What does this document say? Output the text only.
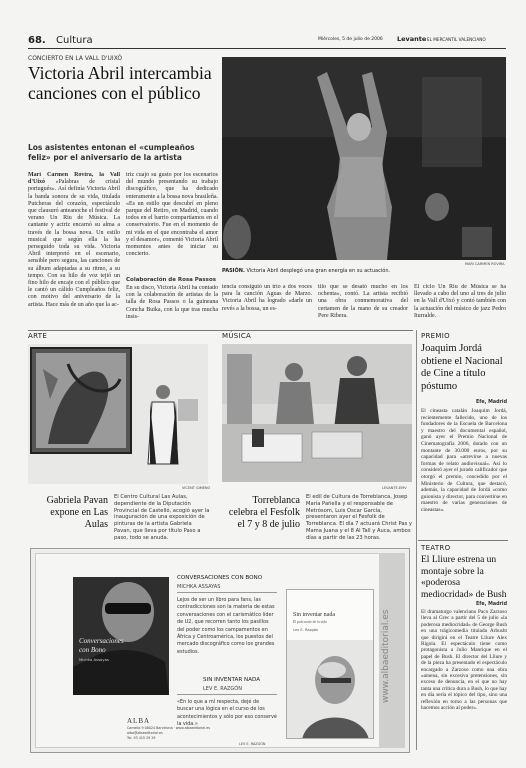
68. Cultura	Miércoles, 5 de julio de 2006 Levante EL MERCANTIL VALENCIANO
CONCIERTO EN LA VALL D'UIXÓ
Victoria Abril intercambia canciones con el público
Los asistentes entonan el «cumpleaños feliz» por el aniversario de la artista
Mari Carmen Rovira, la Vall d'Uixó «Palabras de cristal portugués». Así definía Victoria Abril la banda sonora de su vida, titulada Putcheras del corazón, espectáculo que clausuró anteanoche el festival de verano Un Riu de Música. La cantante y actriz encarnó su alma a través de la bossa nova. Un estilo musical que según ella la ha perseguido toda su vida. Victoria Abril interpretó en el escenario, sensible pero segura, las canciones de su álbum adaptadas a su ritmo, a su tempo. Con su hilo de voz tejió un fino hilo de encaje con el público que le cantó un cálido Cumpleaños feliz, con motivo del aniversario de la artista. Hace más de un año que la ac-
triz cuajó su gusto por los escenarios del mundo presentando su trabajo discográfico, que ha dedicado enteramente a la bossa nova brasileña. «Es un estilo que descubrí en pleno parque del Retiro, en Madrid, cuando todos en el barrio compartíamos en el conservatorio. Fue en el momento de mi vida en el que encontraba el amor y el desamor», comentó Victoria Abril momentos antes de iniciar su concierto.
Colaboración de Rosa Passos
En su disco, Victoria Abril ha contado con la colaboración de artistas de la talla de Rosa Passos o la guineana Concha Buika, con la que tras mucha insis-
MARI CARMEN ROVIRA
PASIÓN. Victoria Abril desplegó una gran energía en su actuación.
tencia consiguió un trío a dos voces para la canción Aguas de Marzo. Victoria Abril ha logrado «darle un revés a la bossa, un es-
tilo que se desató mucho en los ochenta», contó. La artista recibió una obra conmemorativa del certamen de la mano de su creador Pere Ribera.
El ciclo Un Riu de Música se ha llevado a cabo del uno al tres de julio en la Vall d'Uixó y contó también con la actuación del músico de jazz Pedro Iturralde.
ARTE
VICENT GIMENO
Gabriela Pavan expone en Las Aulas
El Centro Cultural Las Aulas, dependiente de la Diputación Provincial de Castelló, acogió ayer la inauguración de una exposición de pinturas de la artista Gabriela Pavan, que lleva por título Paso a paso, todo se anuda.
MÚSICA
LEVANTE-EMV
Torreblanca celebra el Fesfolk el 7 y 8 de julio
El edil de Cultura de Torreblanca, Josep María Pañella y el responsable de Metrósom, Luis Oscar García, presentaron ayer el Fesfolk de Torreblanca. El día 7 actuará Christ Pas y Mama Juana y el 8 Al Tall y Auca, ambos días a partir de las 23 horas.
PREMIO
Joaquim Jordá obtiene el Nacional de Cine a título póstumo
Efe, Madrid
El cineasta catalán Joaquim Jordá, recientemente fallecido, uno de los fundadores de la Escuela de Barcelona y maestro del documental español, ganó ayer el Premio Nacional de Cinematografía 2006, dotado con un montante de 30.000 euros, por su capacidad para «atrevirse a nuevas formas de relato audiovisual». Así lo consideró ayer el jurado calificador que otorgó el premio, concedido por el Ministerio de Cultura, que destacó, además, la capacidad de Jordá «como guionista y director, para convertirse en maestro de varias generaciones de cineastas».
TEATRO
El Lliure estrena un montaje sobre la «poderosa mediocridad» de Bush
Efe, Madrid
El dramaturgo valenciano Paco Zarzoso lleva al Grec a partir del 5 de julio «la poderosa mediocridad» de George Bush en una trágicomedia titulada Arbusht que dirigirá en el Teatre Lliure Alex Rigola. El espectáculo tiene como protagonista a Julio Manrique en el papel de Bush. El director del Lliure y de la pieza ha presentado el espectáculo encargado a Zarzoso como una obra «amena, sin excesiva pretensiones, sin exceso de denuncia, en el que no hay tanta una crítica dura a Bush, lo que hay en día sería el tópico del tipo, sino una reflexión en torno a las personas que hacemos acción al poder».
Conversaciones
con Bono
Michka Assayas
ALBA
Camelia 9 08024 Barcelona · www.albaeditorial.es
alba@albaeditorial.es
Tel. 93 415 29 29
CONVERSACIONES CON BONO
MICHKA ASSAYAS
Lejos de ser un libro para fans, las contradicciones son la materia de estas conversaciones con el carismático líder de U2, que recorren tanto los pasillos del poder como los campamentos en África y Centroamérica, los puestos del mercado discográfico como los grandes estudios.
SIN INVENTAR NADA
LEV E. RAZGÓN
«En lo que a mí respecta, dejé de buscar una lógica en el curso de los acontecimientos y sólo por eso conservé la vida.»
LEV E. RAZGÓN
Sin inventar nada
El polo norte de la vida
Lev E. Razgón	www.albaeditorial.es
